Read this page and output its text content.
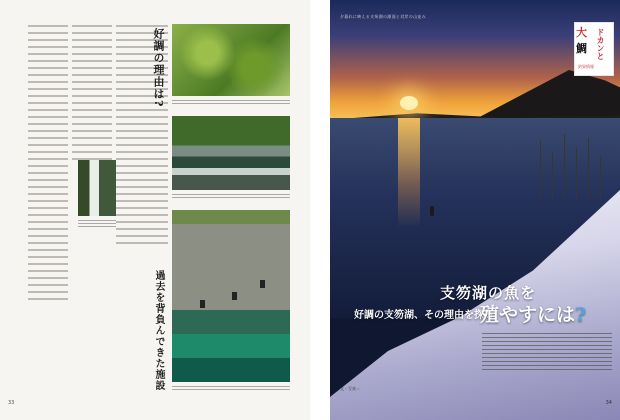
好調の理由は?
過去を背負んできた施設
33
夕暮れに映える支笏湖の湖面と対岸の山並み
大
鯛 ドカンと
釣果情報
支笏湖の魚を
好調の支笏湖、その理由を探る
殖やすには?
文・写真＝
34
